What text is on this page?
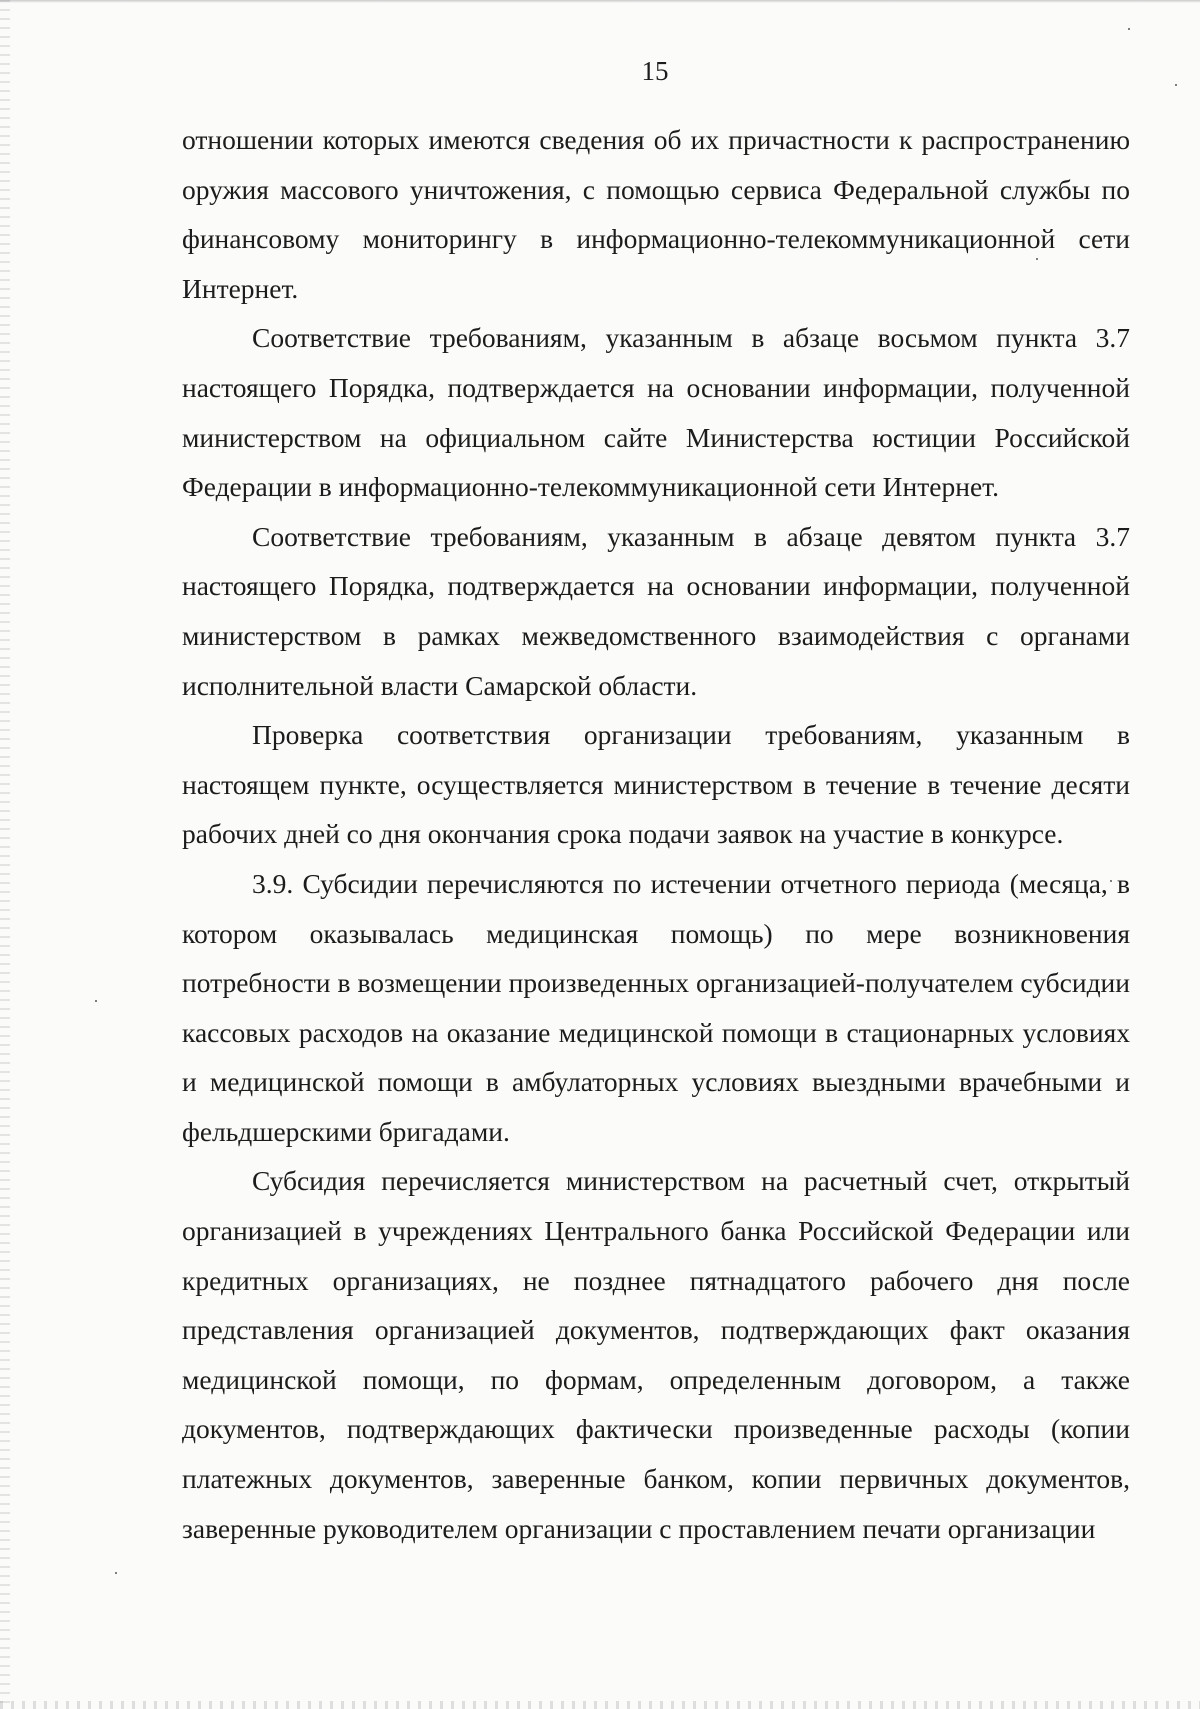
15

отношении которых имеются сведения об их причастности к распространению оружия массового уничтожения, с помощью сервиса Федеральной службы по финансовому мониторингу в информационно-телекоммуникационной сети Интернет.

Соответствие требованиям, указанным в абзаце восьмом пункта 3.7 настоящего Порядка, подтверждается на основании информации, полученной министерством на официальном сайте Министерства юстиции Российской Федерации в информационно-телекоммуникационной сети Интернет.

Соответствие требованиям, указанным в абзаце девятом пункта 3.7 настоящего Порядка, подтверждается на основании информации, полученной министерством в рамках межведомственного взаимодействия с органами исполнительной власти Самарской области.

Проверка соответствия организации требованиям, указанным в настоящем пункте, осуществляется министерством в течение в течение десяти рабочих дней со дня окончания срока подачи заявок на участие в конкурсе.

3.9. Субсидии перечисляются по истечении отчетного периода (месяца, в котором оказывалась медицинская помощь) по мере возникновения потребности в возмещении произведенных организацией-получателем субсидии кассовых расходов на оказание медицинской помощи в стационарных условиях и медицинской помощи в амбулаторных условиях выездными врачебными и фельдшерскими бригадами.

Субсидия перечисляется министерством на расчетный счет, открытый организацией в учреждениях Центрального банка Российской Федерации или кредитных организациях, не позднее пятнадцатого рабочего дня после представления организацией документов, подтверждающих факт оказания медицинской помощи, по формам, определенным договором, а также документов, подтверждающих фактически произведенные расходы (копии платежных документов, заверенные банком, копии первичных документов, заверенные руководителем организации с проставлением печати организации
